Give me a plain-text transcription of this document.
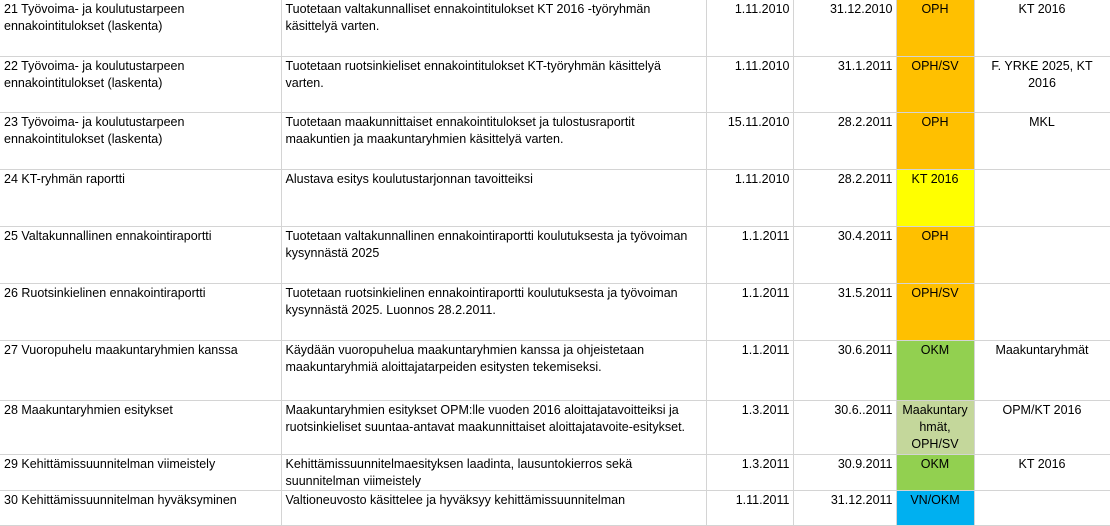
21 Työvoima- ja koulutustarpeen ennakointitulokset (laskenta)	Tuotetaan valtakunnalliset ennakointitulokset KT 2016 -työryhmän käsittelyä varten.	1.11.2010	31.12.2010	OPH	KT 2016
22 Työvoima- ja koulutustarpeen ennakointitulokset (laskenta)	Tuotetaan ruotsinkieliset ennakointitulokset KT-työryhmän käsittelyä varten.	1.11.2010	31.1.2011	OPH/SV	F. YRKE 2025, KT 2016
23 Työvoima- ja koulutustarpeen ennakointitulokset (laskenta)	Tuotetaan maakunnittaiset ennakointitulokset ja tulostusraportit maakuntien ja maakuntaryhmien käsittelyä varten.	15.11.2010	28.2.2011	OPH	MKL
24 KT-ryhmän raportti	Alustava esitys koulutustarjonnan tavoitteiksi	1.11.2010	28.2.2011	KT 2016	
25 Valtakunnallinen ennakointiraportti	Tuotetaan valtakunnallinen ennakointiraportti koulutuksesta ja työvoiman kysynnästä 2025	1.1.2011	30.4.2011	OPH	
26 Ruotsinkielinen ennakointiraportti	Tuotetaan ruotsinkielinen ennakointiraportti koulutuksesta ja työvoiman kysynnästä 2025. Luonnos 28.2.2011.	1.1.2011	31.5.2011	OPH/SV	
27 Vuoropuhelu maakuntaryhmien kanssa	Käydään vuoropuhelua maakuntaryhmien kanssa ja ohjeistetaan maakuntaryhmiä aloittajatarpeiden esitysten tekemiseksi.	1.1.2011	30.6.2011	OKM	Maakuntaryhmät
28 Maakuntaryhmien esitykset	Maakuntaryhmien esitykset OPM:lle vuoden 2016 aloittajatavoitteiksi ja ruotsinkieliset suuntaa-antavat maakunnittaiset aloittajatavoite-esitykset.	1.3.2011	30.6..2011	Maakuntary hmät, OPH/SV	OPM/KT 2016
29 Kehittämissuunnitelman viimeistely	Kehittämissuunnitelmaesityksen laadinta, lausuntokierros sekä suunnitelman viimeistely	1.3.2011	30.9.2011	OKM	KT 2016
30 Kehittämissuunnitelman hyväksyminen	Valtioneuvosto käsittelee ja hyväksyy kehittämissuunnitelman	1.11.2011	31.12.2011	VN/OKM	
